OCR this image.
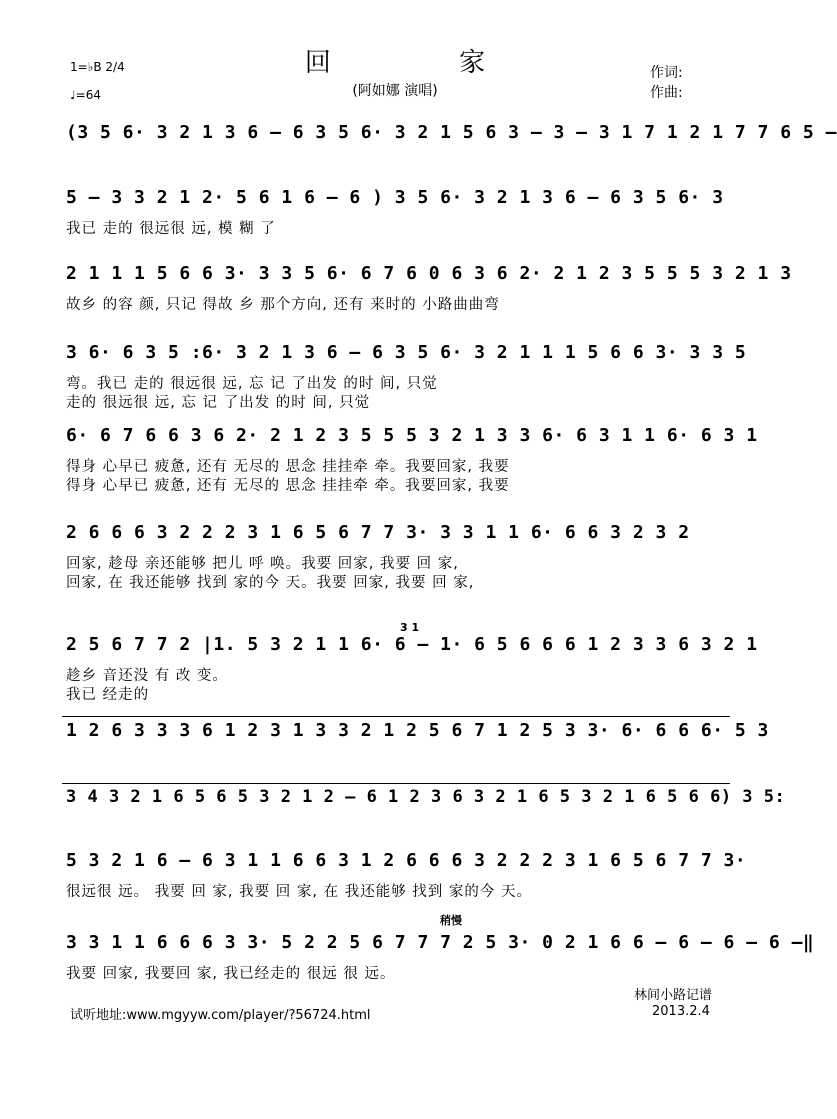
回 家
(阿如娜 演唱)
1=♭B 2/4
♩=64
作词:
作曲:
(3 5 6· 3 2 1 3 6 – 6 3 5 6· 3 2 1 5 6 3 – 3 – 3 1 7 1 2 1 7 7 6 5 –
5 – 3 3 2 1 2· 5 6 1 6 – 6 ) 3 5 6· 3 2 1 3 6 – 6 3 5 6· 3
我已 走的 很远很 远, 模 糊 了
2 1 1 1 5 6 6 3· 3 3 5 6· 6 7 6 0 6 3 6 2· 2 1 2 3 5 5 5 3 2 1 3
故乡 的容 颜, 只记 得故 乡 那个方向, 还有 来时的 小路曲曲弯
3 6· 6 3 5 :6· 3 2 1 3 6 – 6 3 5 6· 3 2 1 1 1 5 6 6 3· 3 3 5
弯。我已 走的 很远很 远, 忘 记 了出发 的时 间, 只觉
走的 很远很 远, 忘 记 了出发 的时 间, 只觉
6· 6 7 6 6 3 6 2· 2 1 2 3 5 5 5 3 2 1 3 3 6· 6 3 1 1 6· 6 3 1
得身 心早已 疲惫, 还有 无尽的 思念 挂挂牵 牵。我要回家, 我要
得身 心早已 疲惫, 还有 无尽的 思念 挂挂牵 牵。我要回家, 我要
2 6 6 6 3 2 2 2 3 1 6 5 6 7 7 3· 3 3 1 1 6· 6 6 3 2 3 2
回家, 趁母 亲还能够 把儿 呼 唤。我要 回家, 我要 回 家,
回家, 在 我还能够 找到 家的今 天。我要 回家, 我要 回 家,
2 5 6 7 7 2 |1. 5 3 2 1 1 6· 6 – 1· 6 5 6 6 6 1 2 3 3 6 3 2 1
趁乡 音还没 有 改 变。
我已 经走的
1 2 6 3 3 3 6 1 2 3 1 3 3 2 1 2 5 6 7 1 2 5 3 3· 6· 6 6 6· 5 3
3 4 3 2 1 6 5 6 5 3 2 1 2 – 6 1 2 3 6 3 2 1 6 5 3 2 1 6 5 6 6) 3 5:
5 3 2 1 6 – 6 3 1 1 6 6 3 1 2 6 6 6 3 2 2 2 3 1 6 5 6 7 7 3·
很远很 远。 我要 回 家, 我要 回 家, 在 我还能够 找到 家的今 天。
3 3 1 1 6 6 6 3 3· 5 2 2 5 6 7 7 7 2 5 3· 0 2 1 6 6 – 6 – 6 – 6 –‖
我要 回家, 我要回 家, 我已经走的 很远 很 远。
稍慢
3 1
林间小路记谱
2013.2.4
试听地址:www.mgyyw.com/player/?56724.html
